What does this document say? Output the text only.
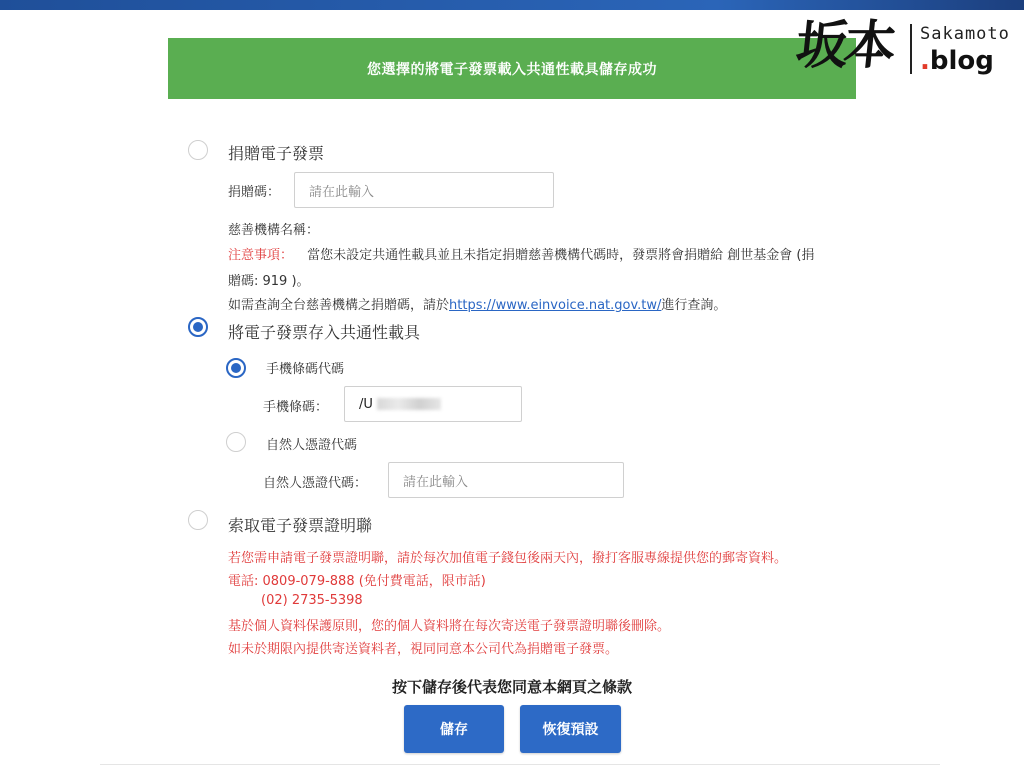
您選擇的將電子發票載入共通性載具儲存成功	坂本 Sakamoto
.blog
捐贈電子發票
捐贈碼： 請在此輸入
慈善機構名稱：
注意事項： 當您未設定共通性載具並且未指定捐贈慈善機構代碼時，發票將會捐贈給 創世基金會 (捐
贈碼: 919 )。
如需查詢全台慈善機構之捐贈碼，請於https://www.einvoice.nat.gov.tw/進行查詢。
將電子發票存入共通性載具
手機條碼代碼
手機條碼： /U
自然人憑證代碼
自然人憑證代碼：	請在此輸入
索取電子發票證明聯
若您需申請電子發票證明聯，請於每次加值電子錢包後兩天內，撥打客服專線提供您的郵寄資料。
電話: 0809-079-888 (免付費電話，限市話)
(02) 2735-5398
基於個人資料保護原則，您的個人資料將在每次寄送電子發票證明聯後刪除。
如未於期限內提供寄送資料者，視同同意本公司代為捐贈電子發票。
按下儲存後代表您同意本網頁之條款
儲存	恢復預設
